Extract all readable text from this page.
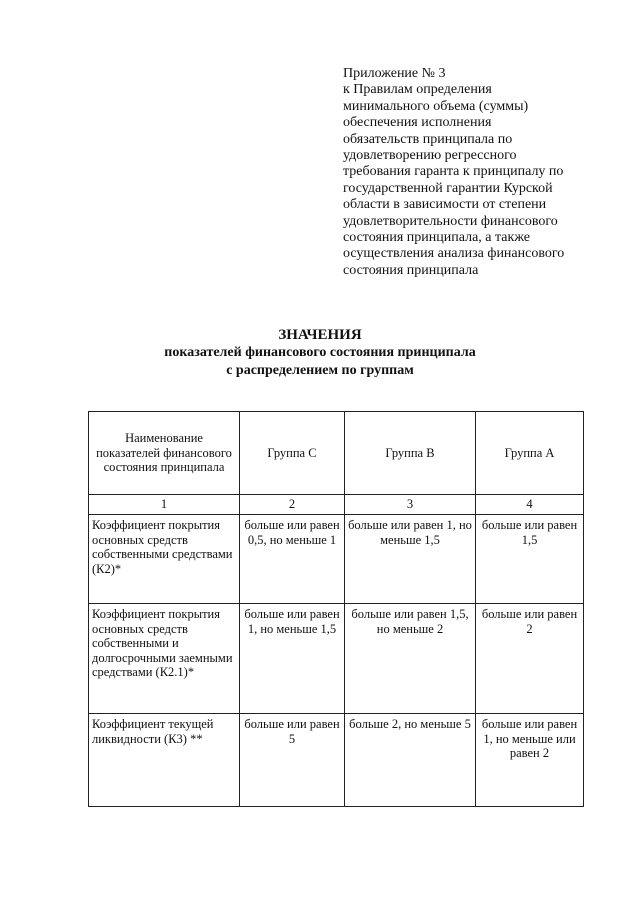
Приложение № 3
к Правилам определения
минимального объема (суммы)
обеспечения исполнения
обязательств принципала по
удовлетворению регрессного
требования гаранта к принципалу по
государственной гарантии Курской
области в зависимости от степени
удовлетворительности финансового
состояния принципала, а также
осуществления анализа финансового
состояния принципала
ЗНАЧЕНИЯ
показателей финансового состояния принципала
с распределением по группам
Наименование показателей финансового состояния принципала	Группа С	Группа В	Группа А
1	2	3	4
Коэффициент покрытия основных средств собственными средствами (К2)*	больше или равен 0,5, но меньше 1	больше или равен 1, но меньше 1,5	больше или равен 1,5
Коэффициент покрытия основных средств собственными и долгосрочными заемными средствами (К2.1)*	больше или равен 1, но меньше 1,5	больше или равен 1,5, но меньше 2	больше или равен 2
Коэффициент текущей ликвидности (К3) **	больше или равен 5	больше 2, но меньше 5	больше или равен 1, но меньше или равен 2
